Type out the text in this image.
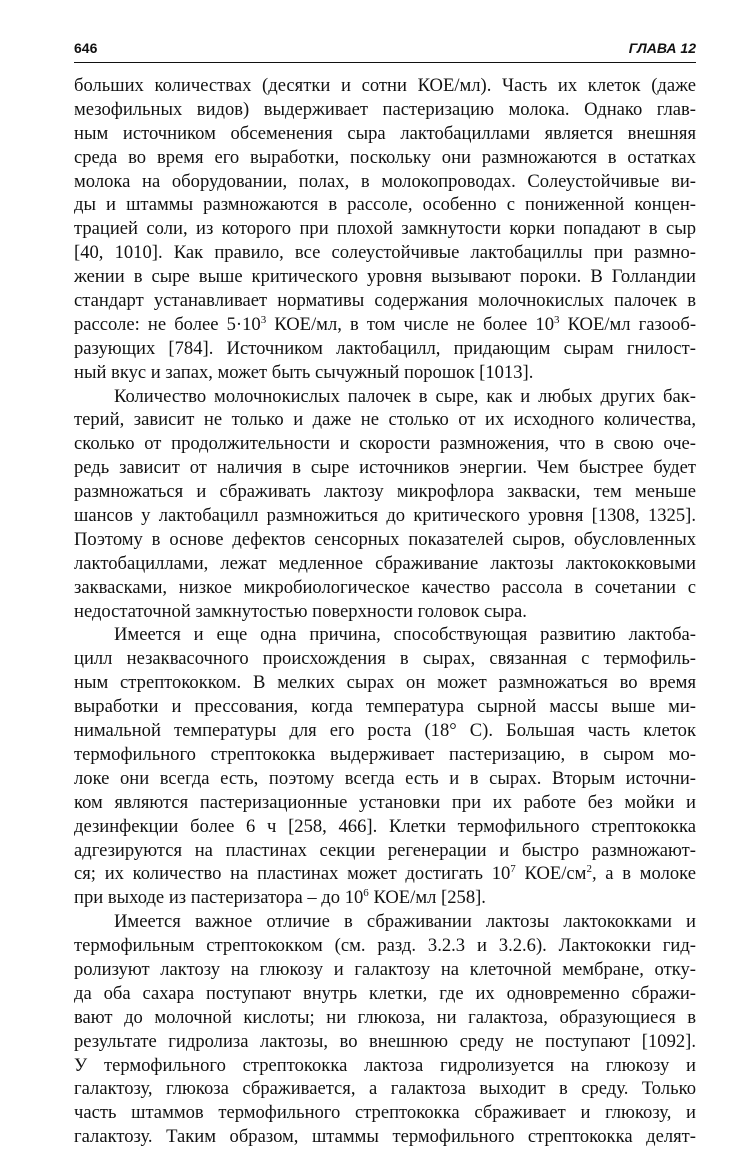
646	ГЛАВА 12
больших количествах (десятки и сотни КОЕ/мл). Часть их клеток (даже
мезофильных видов) выдерживает пастеризацию молока. Однако глав-
ным источником обсеменения сыра лактобациллами является внешняя
среда во время его выработки, поскольку они размножаются в остатках
молока на оборудовании, полах, в молокопроводах. Солеустойчивые ви-
ды и штаммы размножаются в рассоле, особенно с пониженной концен-
трацией соли, из которого при плохой замкнутости корки попадают в сыр
[40, 1010]. Как правило, все солеустойчивые лактобациллы при размно-
жении в сыре выше критического уровня вызывают пороки. В Голландии
стандарт устанавливает нормативы содержания молочнокислых палочек в
рассоле: не более $5\cdot 10^3$ КОЕ/мл, в том числе не более $10^3$ КОЕ/мл газооб-
разующих [784]. Источником лактобацилл, придающим сырам гнилост-
ный вкус и запах, может быть сычужный порошок [1013].
Количество молочнокислых палочек в сыре, как и любых других бак-
терий, зависит не только и даже не столько от их исходного количества,
сколько от продолжительности и скорости размножения, что в свою оче-
редь зависит от наличия в сыре источников энергии. Чем быстрее будет
размножаться и сбраживать лактозу микрофлора закваски, тем меньше
шансов у лактобацилл размножиться до критического уровня [1308, 1325].
Поэтому в основе дефектов сенсорных показателей сыров, обусловленных
лактобациллами, лежат медленное сбраживание лактозы лактококковыми
заквасками, низкое микробиологическое качество рассола в сочетании с
недостаточной замкнутостью поверхности головок сыра.
Имеется и еще одна причина, способствующая развитию лактоба-
цилл незаквасочного происхождения в сырах, связанная с термофиль-
ным стрептококком. В мелких сырах он может размножаться во время
выработки и прессования, когда температура сырной массы выше ми-
нимальной температуры для его роста (18° С). Большая часть клеток
термофильного стрептококка выдерживает пастеризацию, в сыром мо-
локе они всегда есть, поэтому всегда есть и в сырах. Вторым источни-
ком являются пастеризационные установки при их работе без мойки и
дезинфекции более 6 ч [258, 466]. Клетки термофильного стрептококка
адгезируются на пластинах секции регенерации и быстро размножают-
ся; их количество на пластинах может достигать $10^7$ КОЕ/$см^2$, а в молоке
при выходе из пастеризатора – до $10^6$ КОЕ/мл [258].
Имеется важное отличие в сбраживании лактозы лактококками и
термофильным стрептококком (см. разд. 3.2.3 и 3.2.6). Лактококки гид-
ролизуют лактозу на глюкозу и галактозу на клеточной мембране, отку-
да оба сахара поступают внутрь клетки, где их одновременно сбражи-
вают до молочной кислоты; ни глюкоза, ни галактоза, образующиеся в
результате гидролиза лактозы, во внешнюю среду не поступают [1092].
У термофильного стрептококка лактоза гидролизуется на глюкозу и
галактозу, глюкоза сбраживается, а галактоза выходит в среду. Только
часть штаммов термофильного стрептококка сбраживает и глюкозу, и
галактозу. Таким образом, штаммы термофильного стрептококка делят-
